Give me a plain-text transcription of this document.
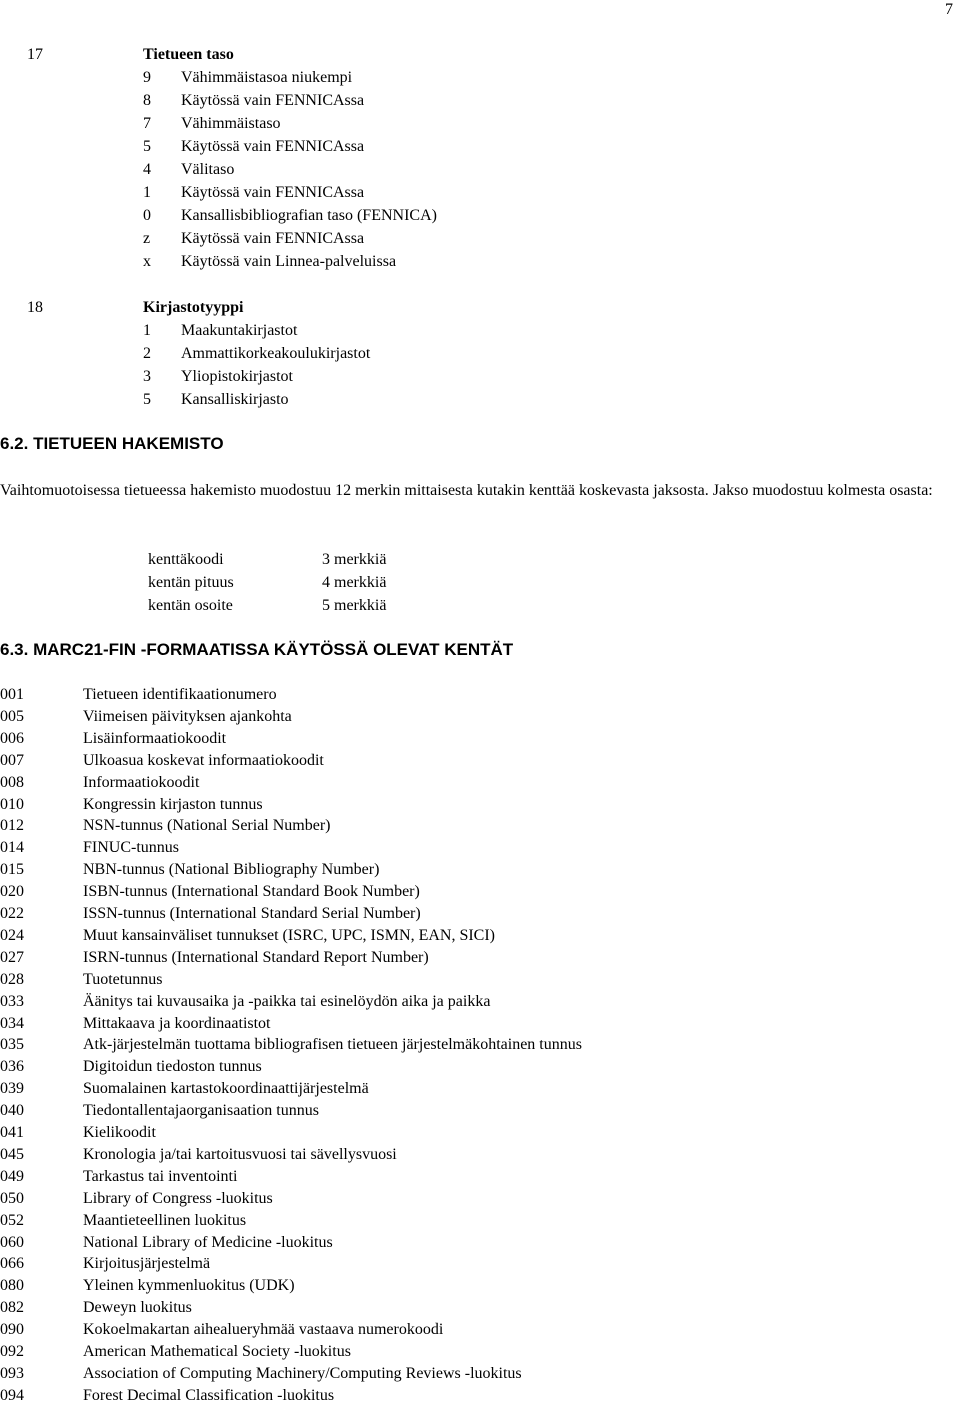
7
17	Tietueen taso
9	Vähimmäistasoa niukempi
8	Käytössä vain FENNICAssa
7	Vähimmäistaso
5	Käytössä vain FENNICAssa
4	Välitaso
1	Käytössä vain FENNICAssa
0	Kansallisbibliografian taso (FENNICA)
z	Käytössä vain FENNICAssa
x	Käytössä vain Linnea-palveluissa
18	Kirjastotyyppi
1	Maakuntakirjastot
2	Ammattikorkeakoulukirjastot
3	Yliopistokirjastot
5	Kansalliskirjasto
6.2. TIETUEEN HAKEMISTO
Vaihtomuotoisessa tietueessa hakemisto muodostuu 12 merkin mittaisesta kutakin kenttää koskevasta jaksosta. Jakso muodostuu kolmesta osasta:
kenttäkoodi	3 merkkiä
kentän pituus	4 merkkiä
kentän osoite	5 merkkiä
6.3. MARC21-FIN -FORMAATISSA KÄYTÖSSÄ OLEVAT KENTÄT
001	Tietueen identifikaationumero
005	Viimeisen päivityksen ajankohta
006	Lisäinformaatiokoodit
007	Ulkoasua koskevat informaatiokoodit
008	Informaatiokoodit
010	Kongressin kirjaston tunnus
012	NSN-tunnus (National Serial Number)
014	FINUC-tunnus
015	NBN-tunnus (National Bibliography Number)
020	ISBN-tunnus (International Standard Book Number)
022	ISSN-tunnus (International Standard Serial Number)
024	Muut kansainväliset tunnukset (ISRC, UPC, ISMN, EAN, SICI)
027	ISRN-tunnus (International Standard Report Number)
028	Tuotetunnus
033	Äänitys tai kuvausaika ja -paikka tai esinelöydön aika ja paikka
034	Mittakaava ja koordinaatistot
035	Atk-järjestelmän tuottama bibliografisen tietueen järjestelmäkohtainen tunnus
036	Digitoidun tiedoston tunnus
039	Suomalainen kartastokoordinaattijärjestelmä
040	Tiedontallentajaorganisaation tunnus
041	Kielikoodit
045	Kronologia ja/tai kartoitusvuosi tai sävellysvuosi
049	Tarkastus tai inventointi
050	Library of Congress -luokitus
052	Maantieteellinen luokitus
060	National Library of Medicine -luokitus
066	Kirjoitusjärjestelmä
080	Yleinen kymmenluokitus (UDK)
082	Deweyn luokitus
090	Kokoelmakartan aihealueryhmää vastaava numerokoodi
092	American Mathematical Society -luokitus
093	Association of Computing Machinery/Computing Reviews -luokitus
094	Forest Decimal Classification -luokitus
